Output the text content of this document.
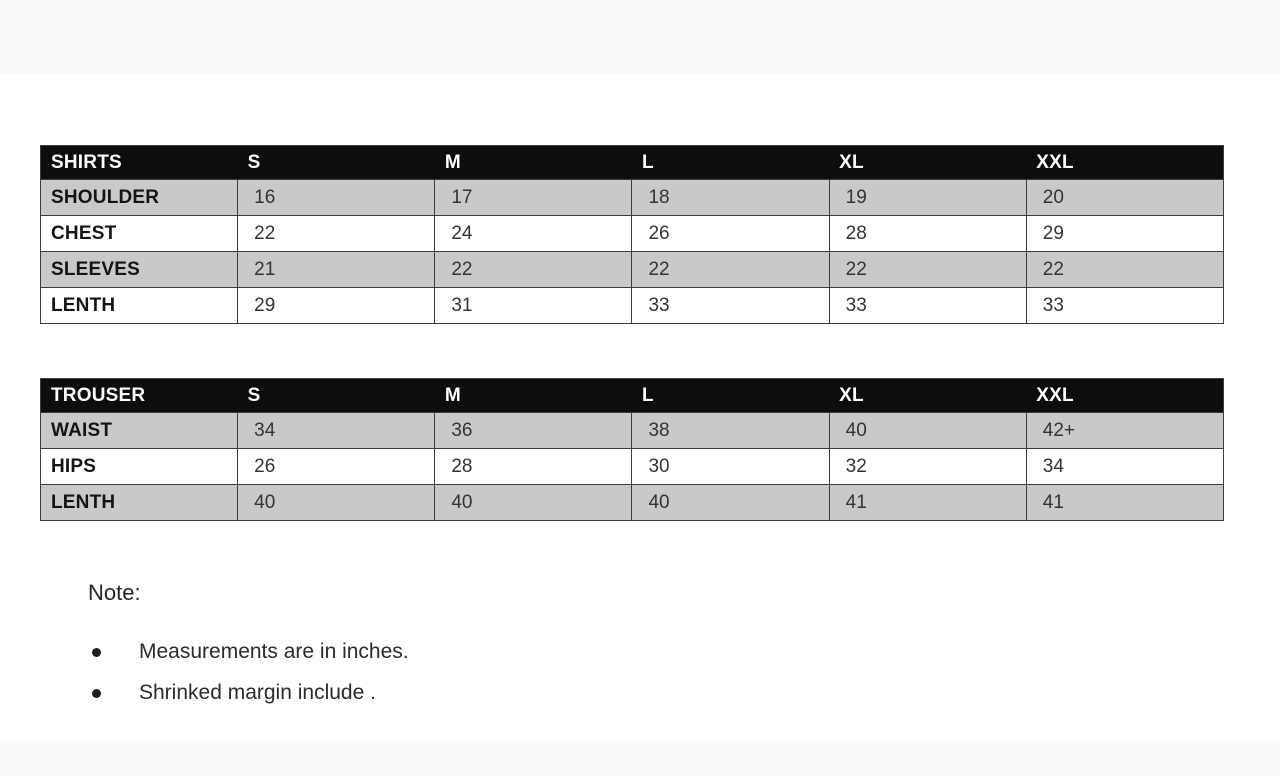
SHIRTS	S	M	L	XL	XXL
SHOULDER	16	17	18	19	20
CHEST	22	24	26	28	29
SLEEVES	21	22	22	22	22
LENTH	29	31	33	33	33
TROUSER	S	M	L	XL	XXL
WAIST	34	36	38	40	42+
HIPS	26	28	30	32	34
LENTH	40	40	40	41	41
Note:
Measurements are in inches.
Shrinked margin include .
